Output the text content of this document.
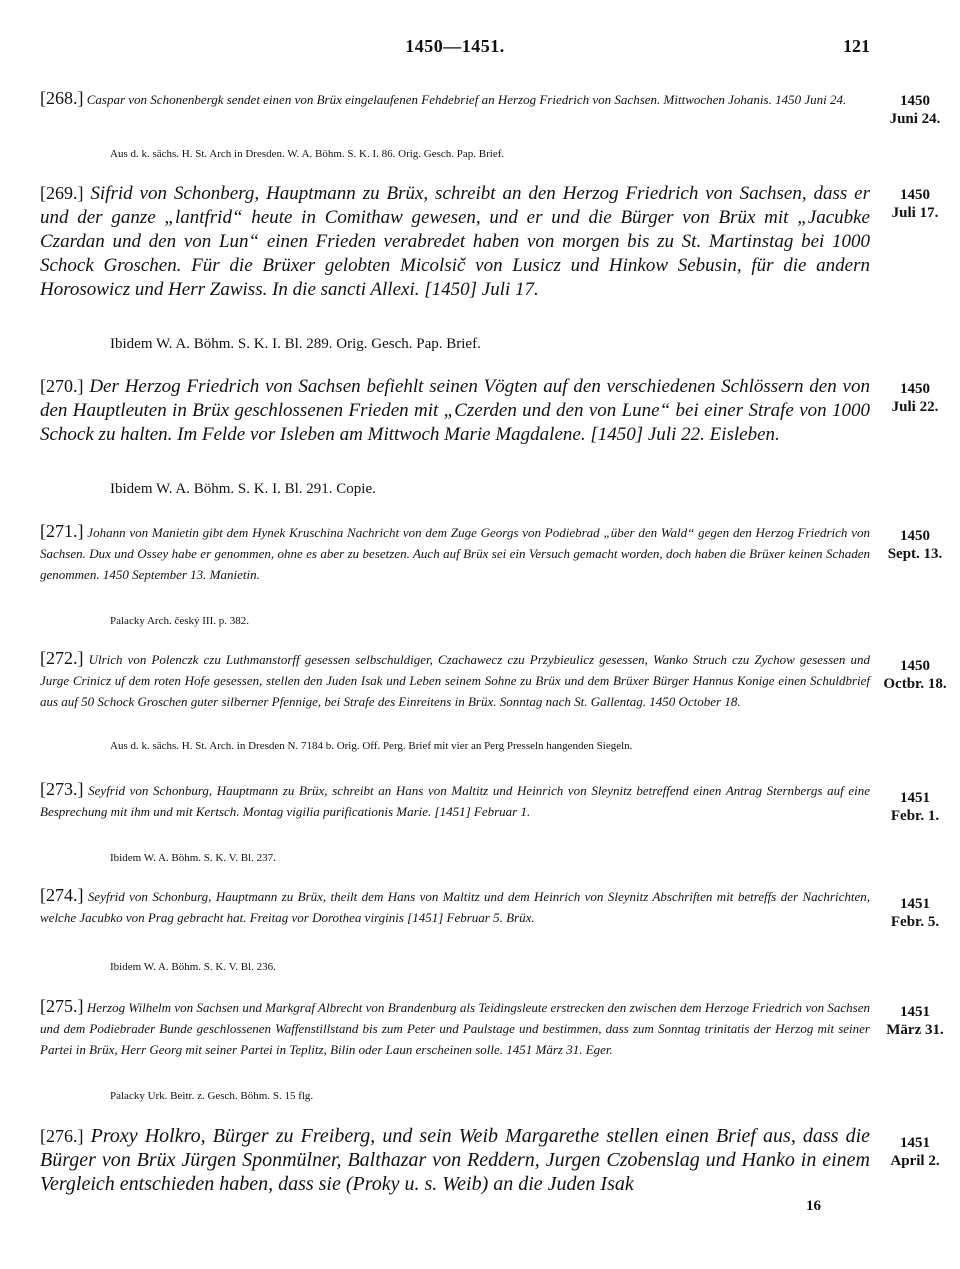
1450—1451.	121

[268.] Caspar von Schonenbergk sendet einen von Brüx eingelaufenen Fehdebrief an Herzog Friedrich von Sachsen. Mittwochen Johanis. 1450 Juni 24.	1450
Juni 24.
Aus d. k. sächs. H. St. Arch in Dresden. W. A. Böhm. S. K. I. 86. Orig. Gesch. Pap. Brief.

[269.] Sifrid von Schonberg, Hauptmann zu Brüx, schreibt an den Herzog Friedrich von Sachsen, dass er und der ganze „lantfrid“ heute in Comithaw gewesen, und er und die Bürger von Brüx mit „Jacubke Czardan und den von Lun“ einen Frieden verabredet haben von morgen bis zu St. Martinstag bei 1000 Schock Groschen. Für die Brüxer gelobten Micolsič von Lusicz und Hinkow Sebusin, für die andern Horosowicz und Herr Zawiss. In die sancti Allexi. [1450] Juli 17.

1450
Juli 17.
Ibidem W. A. Böhm. S. K. I. Bl. 289. Orig. Gesch. Pap. Brief.

[270.] Der Herzog Friedrich von Sachsen befiehlt seinen Vögten auf den verschiedenen Schlössern den von den Hauptleuten in Brüx geschlossenen Frieden mit „Czerden und den von Lune“ bei einer Strafe von 1000 Schock zu halten. Im Felde vor Isleben am Mittwoch Marie Magdalene. [1450] Juli 22. Eisleben.

1450
Juli 22.
Ibidem W. A. Böhm. S. K. I. Bl. 291. Copie.

[271.] Johann von Manietin gibt dem Hynek Kruschina Nachricht von dem Zuge Georgs von Podiebrad „über den Wald“ gegen den Herzog Friedrich von Sachsen. Dux und Ossey habe er genommen, ohne es aber zu besetzen. Auch auf Brüx sei ein Versuch gemacht worden, doch haben die Brüxer keinen Schaden genommen. 1450 September 13. Manietin.

1450
Sept. 13.
Palacky Arch. český III. p. 382.

[272.] Ulrich von Polenczk czu Luthmanstorff gesessen selbschuldiger, Czachawecz czu Przybieulicz gesessen, Wanko Struch czu Zychow gesessen und Jurge Crinicz uf dem roten Hofe gesessen, stellen den Juden Isak und Leben seinem Sohne zu Brüx und dem Brüxer Bürger Hannus Konige einen Schuldbrief aus auf 50 Schock Groschen guter silberner Pfennige, bei Strafe des Einreitens in Brüx. Sonntag nach St. Gallentag. 1450 October 18.

1450
Octbr. 18.
Aus d. k. sächs. H. St. Arch. in Dresden N. 7184 b. Orig. Off. Perg. Brief mit vier an Perg Presseln hangenden Siegeln.

[273.] Seyfrid von Schonburg, Hauptmann zu Brüx, schreibt an Hans von Maltitz und Heinrich von Sleynitz betreffend einen Antrag Sternbergs auf eine Besprechung mit ihm und mit Kertsch. Montag vigilia purificationis Marie. [1451] Februar 1.

1451
Febr. 1.
Ibidem W. A. Böhm. S. K. V. Bl. 237.

[274.] Seyfrid von Schonburg, Hauptmann zu Brüx, theilt dem Hans von Maltitz und dem Heinrich von Sleynitz Abschriften mit betreffs der Nachrichten, welche Jacubko von Prag gebracht hat. Freitag vor Dorothea virginis [1451] Februar 5. Brüx.

1451
Febr. 5.
Ibidem W. A. Böhm. S. K. V. Bl. 236.

[275.] Herzog Wilhelm von Sachsen und Markgraf Albrecht von Brandenburg als Teidingsleute erstrecken den zwischen dem Herzoge Friedrich von Sachsen und dem Podiebrader Bunde geschlossenen Waffenstillstand bis zum Peter und Paulstage und bestimmen, dass zum Sonntag trinitatis der Herzog mit seiner Partei in Brüx, Herr Georg mit seiner Partei in Teplitz, Bilin oder Laun erscheinen solle. 1451 März 31. Eger.

1451
März 31.
Palacky Urk. Beitr. z. Gesch. Böhm. S. 15 flg.

[276.] Proxy Holkro, Bürger zu Freiberg, und sein Weib Margarethe stellen einen Brief aus, dass die Bürger von Brüx Jürgen Sponmülner, Balthazar von Reddern, Jurgen Czobenslag und Hanko in einem Vergleich entschieden haben, dass sie (Proky u. s. Weib) an die Juden Isak

1451
April 2.
16
